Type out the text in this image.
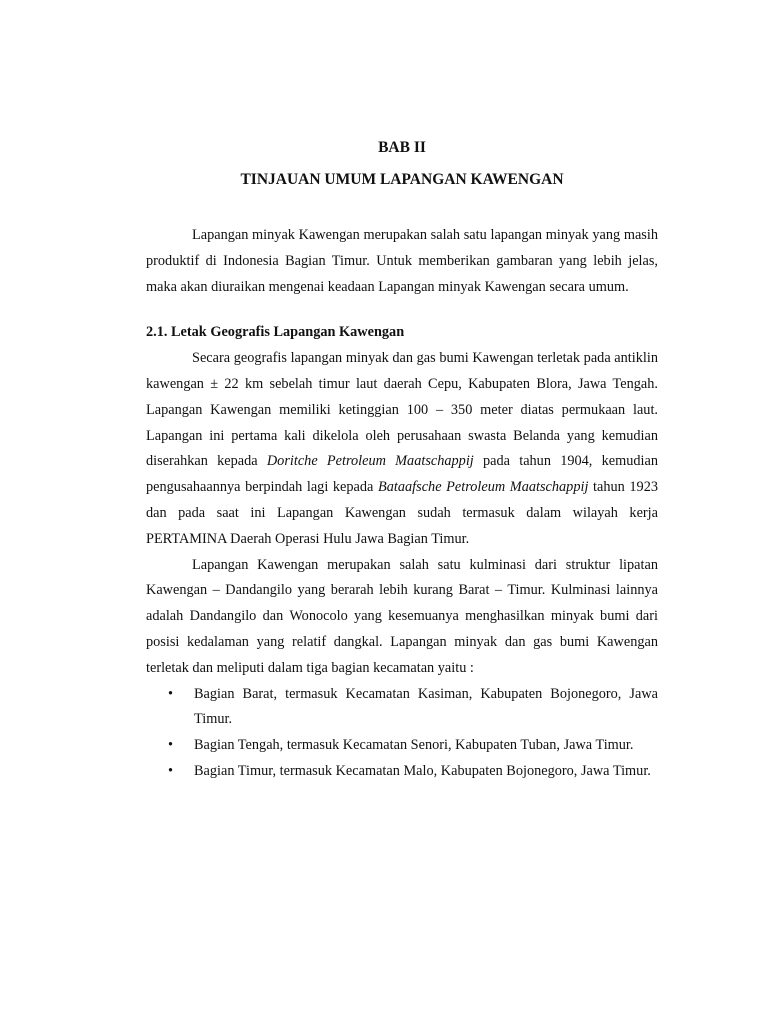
BAB II

TINJAUAN UMUM LAPANGAN KAWENGAN

Lapangan minyak Kawengan merupakan salah satu lapangan minyak yang masih produktif di Indonesia Bagian Timur. Untuk memberikan gambaran yang lebih jelas, maka akan diuraikan mengenai keadaan Lapangan minyak Kawengan secara umum.

2.1. Letak Geografis Lapangan Kawengan

Secara geografis lapangan minyak dan gas bumi Kawengan terletak pada antiklin kawengan ± 22 km sebelah timur laut daerah Cepu, Kabupaten Blora, Jawa Tengah. Lapangan Kawengan memiliki ketinggian 100 – 350 meter diatas permukaan laut. Lapangan ini pertama kali dikelola oleh perusahaan swasta Belanda yang kemudian diserahkan kepada Doritche Petroleum Maatschappij pada tahun 1904, kemudian pengusahaannya berpindah lagi kepada Bataafsche Petroleum Maatschappij tahun 1923 dan pada saat ini Lapangan Kawengan sudah termasuk dalam wilayah kerja PERTAMINA Daerah Operasi Hulu Jawa Bagian Timur.

Lapangan Kawengan merupakan salah satu kulminasi dari struktur lipatan Kawengan – Dandangilo yang berarah lebih kurang Barat – Timur. Kulminasi lainnya adalah Dandangilo dan Wonocolo yang kesemuanya menghasilkan minyak bumi dari posisi kedalaman yang relatif dangkal. Lapangan minyak dan gas bumi Kawengan terletak dan meliputi dalam tiga bagian kecamatan yaitu :

• Bagian Barat, termasuk Kecamatan Kasiman, Kabupaten Bojonegoro, Jawa Timur.
• Bagian Tengah, termasuk Kecamatan Senori, Kabupaten Tuban, Jawa Timur.
• Bagian Timur, termasuk Kecamatan Malo, Kabupaten Bojonegoro, Jawa Timur.
